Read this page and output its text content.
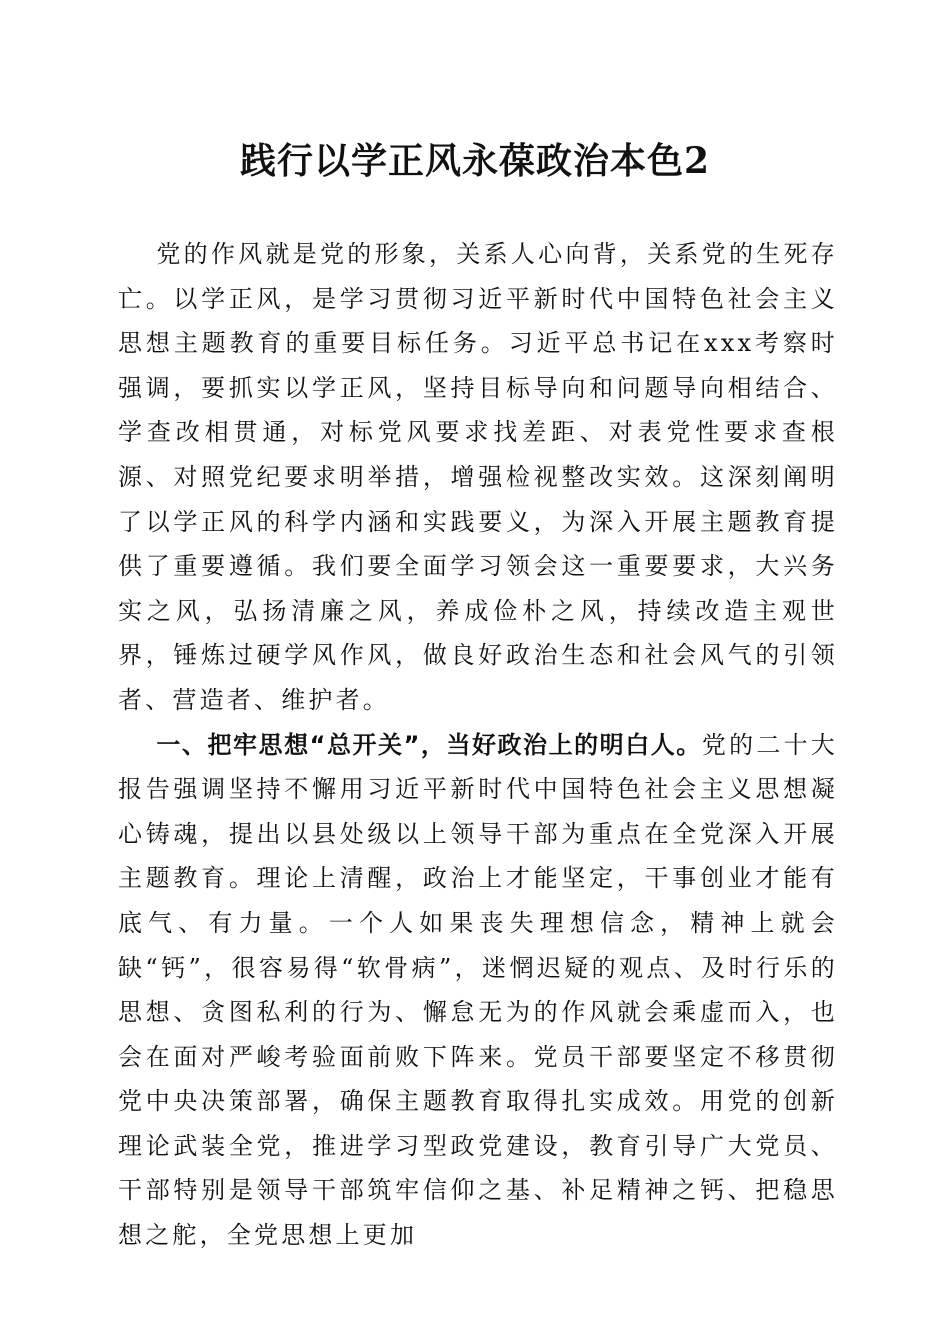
践行以学正风永葆政治本色2

党的作风就是党的形象，关系人心向背，关系党的生死存亡。以学正风，是学习贯彻习近平新时代中国特色社会主义思想主题教育的重要目标任务。习近平总书记在xxx考察时强调，要抓实以学正风，坚持目标导向和问题导向相结合、学查改相贯通，对标党风要求找差距、对表党性要求查根源、对照党纪要求明举措，增强检视整改实效。这深刻阐明了以学正风的科学内涵和实践要义，为深入开展主题教育提供了重要遵循。我们要全面学习领会这一重要要求，大兴务实之风，弘扬清廉之风，养成俭朴之风，持续改造主观世界，锤炼过硬学风作风，做良好政治生态和社会风气的引领者、营造者、维护者。

一、把牢思想“总开关”，当好政治上的明白人。党的二十大报告强调坚持不懈用习近平新时代中国特色社会主义思想凝心铸魂，提出以县处级以上领导干部为重点在全党深入开展主题教育。理论上清醒，政治上才能坚定，干事创业才能有底气、有力量。一个人如果丧失理想信念，精神上就会缺“钙”，很容易得“软骨病”，迷惘迟疑的观点、及时行乐的思想、贪图私利的行为、懈怠无为的作风就会乘虚而入，也会在面对严峻考验面前败下阵来。党员干部要坚定不移贯彻党中央决策部署，确保主题教育取得扎实成效。用党的创新理论武装全党，推进学习型政党建设，教育引导广大党员、干部特别是领导干部筑牢信仰之基、补足精神之钙、把稳思想之舵，全党思想上更加
